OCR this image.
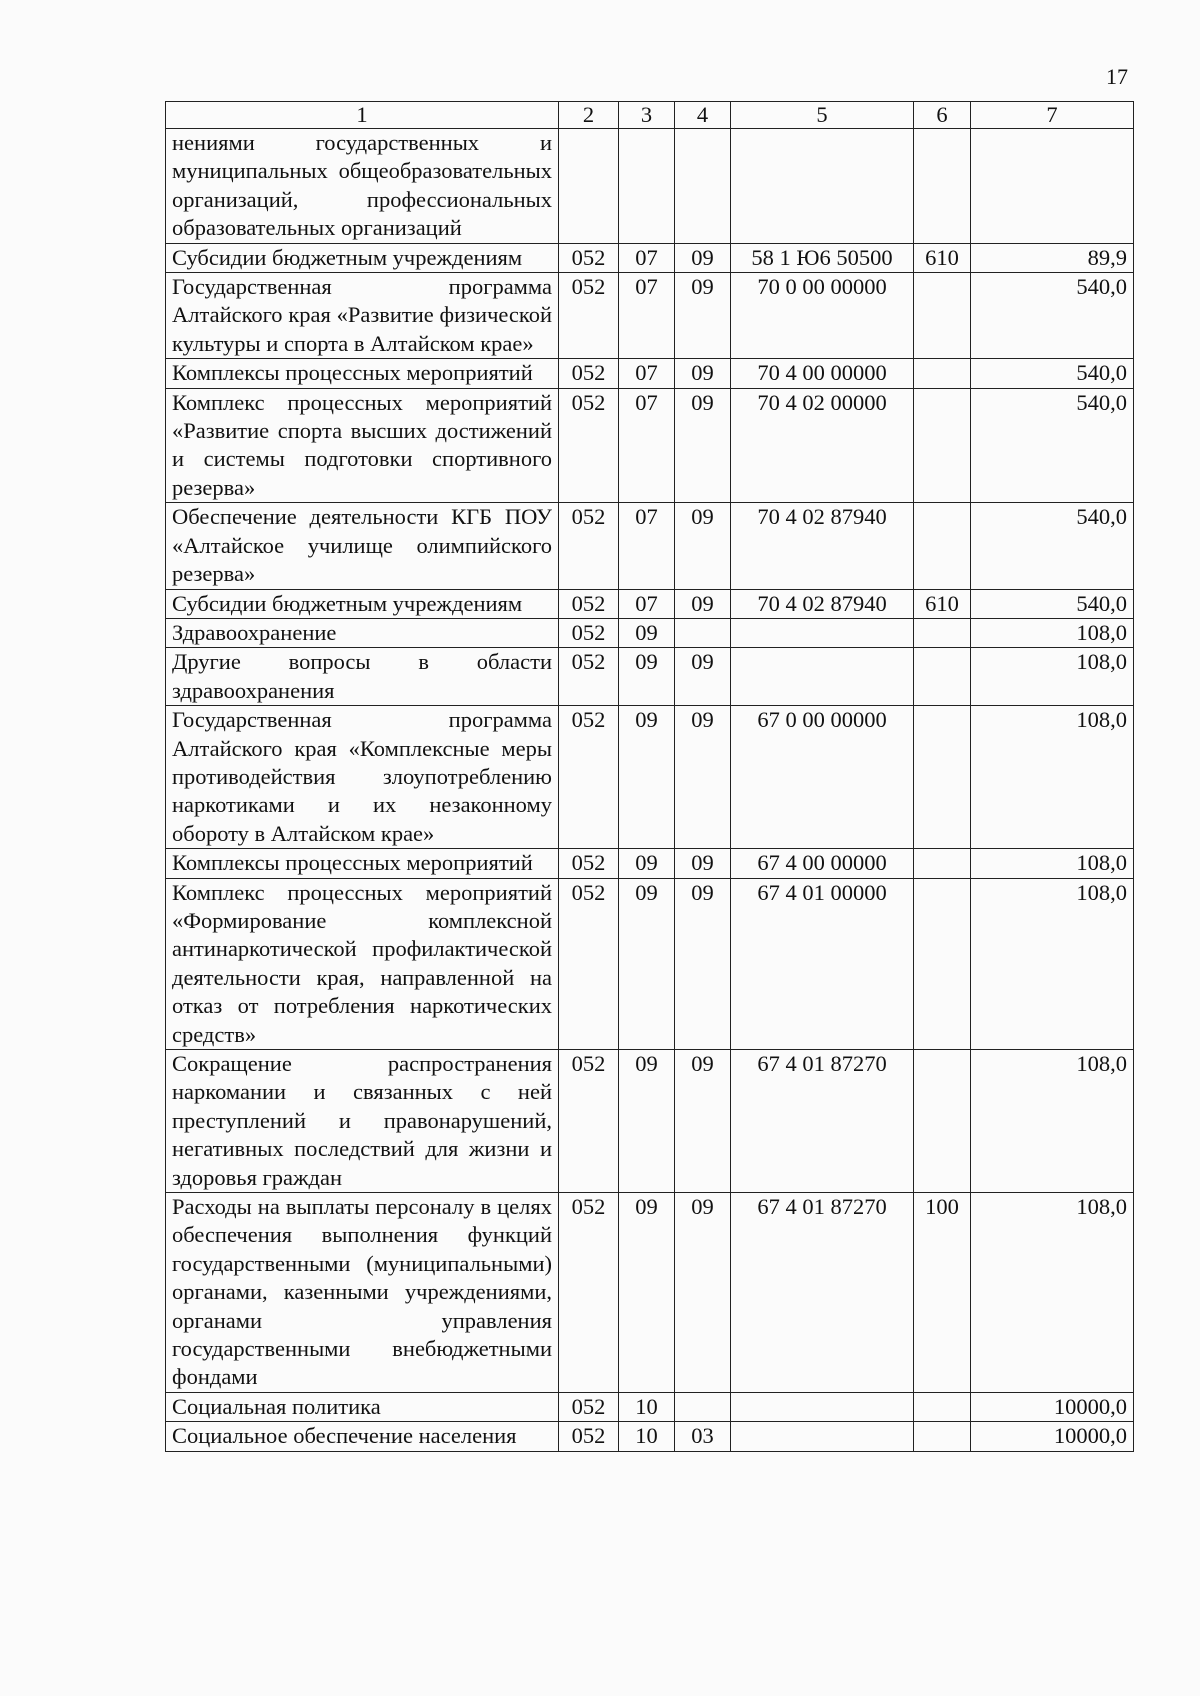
17
1	2	3	4	5	6	7
нениями государственных и муниципальных общеобразовательных организаций, профессиональных образовательных организаций						
Субсидии бюджетным учреждениям	052	07	09	58 1 Ю6 50500	610	89,9
Государственная программа Алтайского края «Развитие физической культуры и спорта в Алтайском крае»	052	07	09	70 0 00 00000		540,0
Комплексы процессных мероприятий	052	07	09	70 4 00 00000		540,0
Комплекс процессных мероприятий «Развитие спорта высших достижений и системы подготовки спортивного резерва»	052	07	09	70 4 02 00000		540,0
Обеспечение деятельности КГБ ПОУ «Алтайское училище олимпийского резерва»	052	07	09	70 4 02 87940		540,0
Субсидии бюджетным учреждениям	052	07	09	70 4 02 87940	610	540,0
Здравоохранение	052	09				108,0
Другие вопросы в области здравоохранения	052	09	09			108,0
Государственная программа Алтайского края «Комплексные меры противодействия злоупотреблению наркотиками и их незаконному обороту в Алтайском крае»	052	09	09	67 0 00 00000		108,0
Комплексы процессных мероприятий	052	09	09	67 4 00 00000		108,0
Комплекс процессных мероприятий «Формирование комплексной антинаркотической профилактической деятельности края, направленной на отказ от потребления наркотических средств»	052	09	09	67 4 01 00000		108,0
Сокращение распространения наркомании и связанных с ней преступлений и правонарушений, негативных последствий для жизни и здоровья граждан	052	09	09	67 4 01 87270		108,0
Расходы на выплаты персоналу в целях обеспечения выполнения функций государственными (муниципальными) органами, казенными учреждениями, органами управления государственными внебюджетными фондами	052	09	09	67 4 01 87270	100	108,0
Социальная политика	052	10				10000,0
Социальное обеспечение населения	052	10	03			10000,0
